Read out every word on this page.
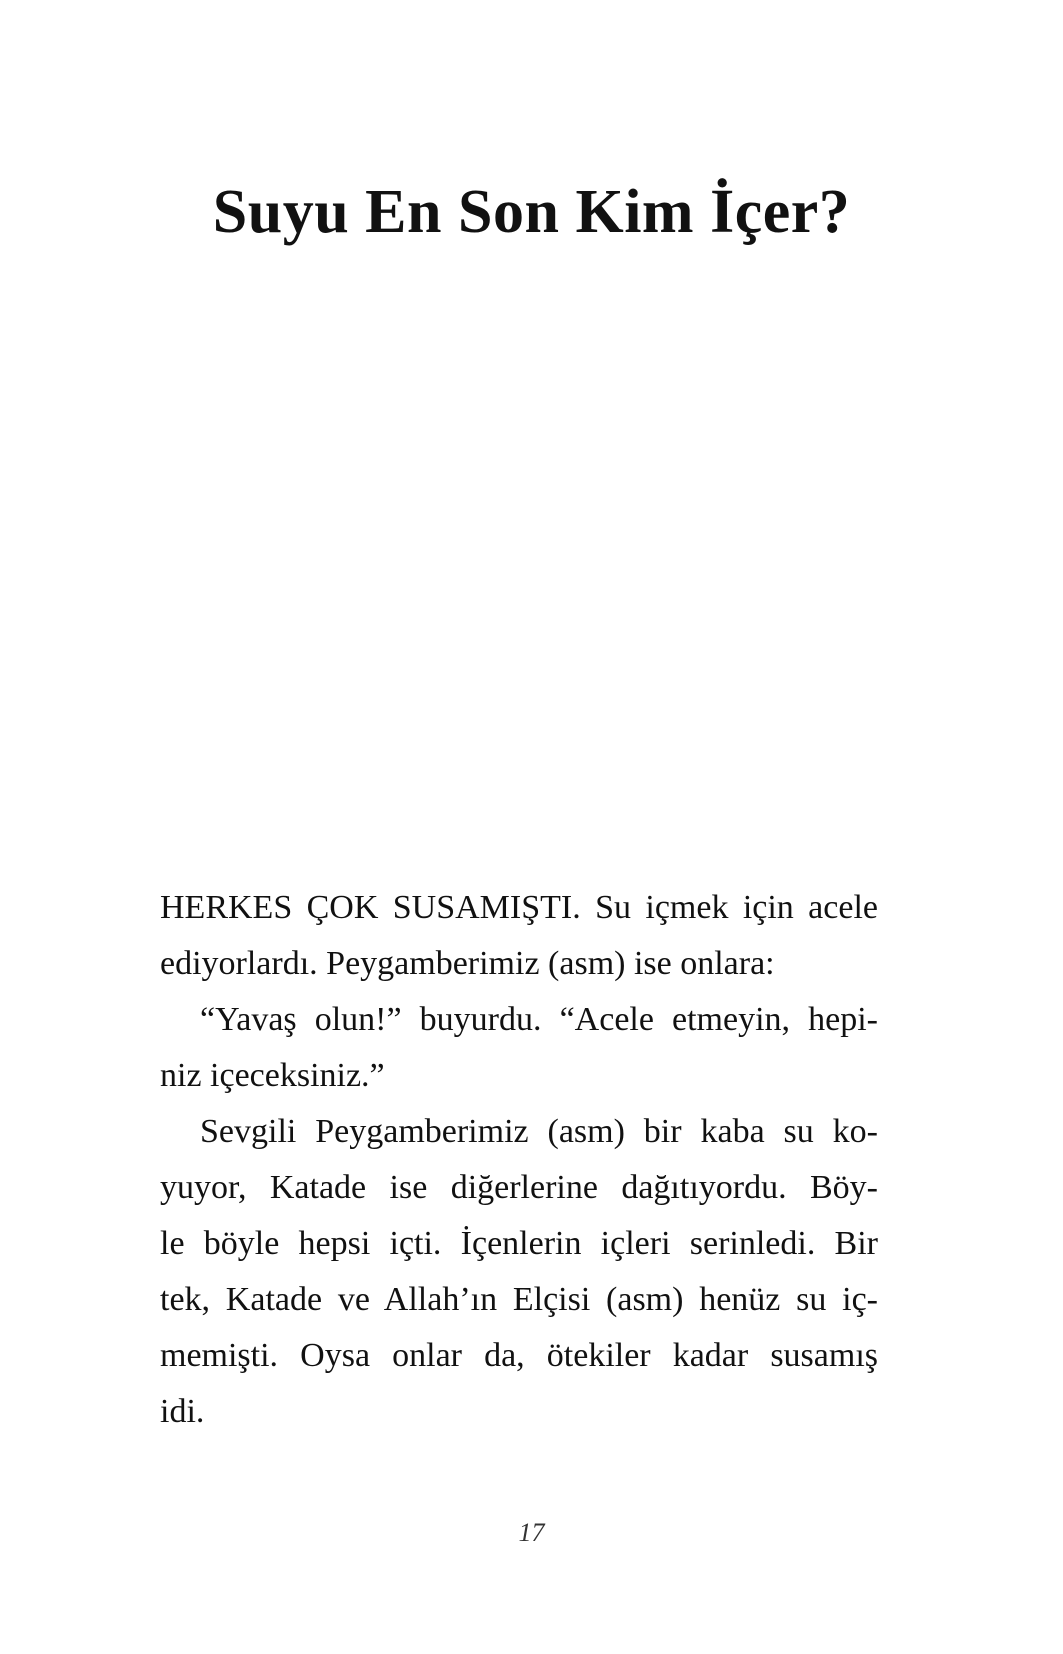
Suyu En Son Kim İçer?
HERKES ÇOK SUSAMIŞTI. Su içmek için acele
ediyorlardı. Peygamberimiz (asm) ise onlara:
“Yavaş olun!” buyurdu. “Acele etmeyin, hepi-
niz içeceksiniz.”
Sevgili Peygamberimiz (asm) bir kaba su ko-
yuyor, Katade ise diğerlerine dağıtıyordu. Böy-
le böyle hepsi içti. İçenlerin içleri serinledi. Bir
tek, Katade ve Allah’ın Elçisi (asm) henüz su iç-
memişti. Oysa onlar da, ötekiler kadar susamış
idi.
17
